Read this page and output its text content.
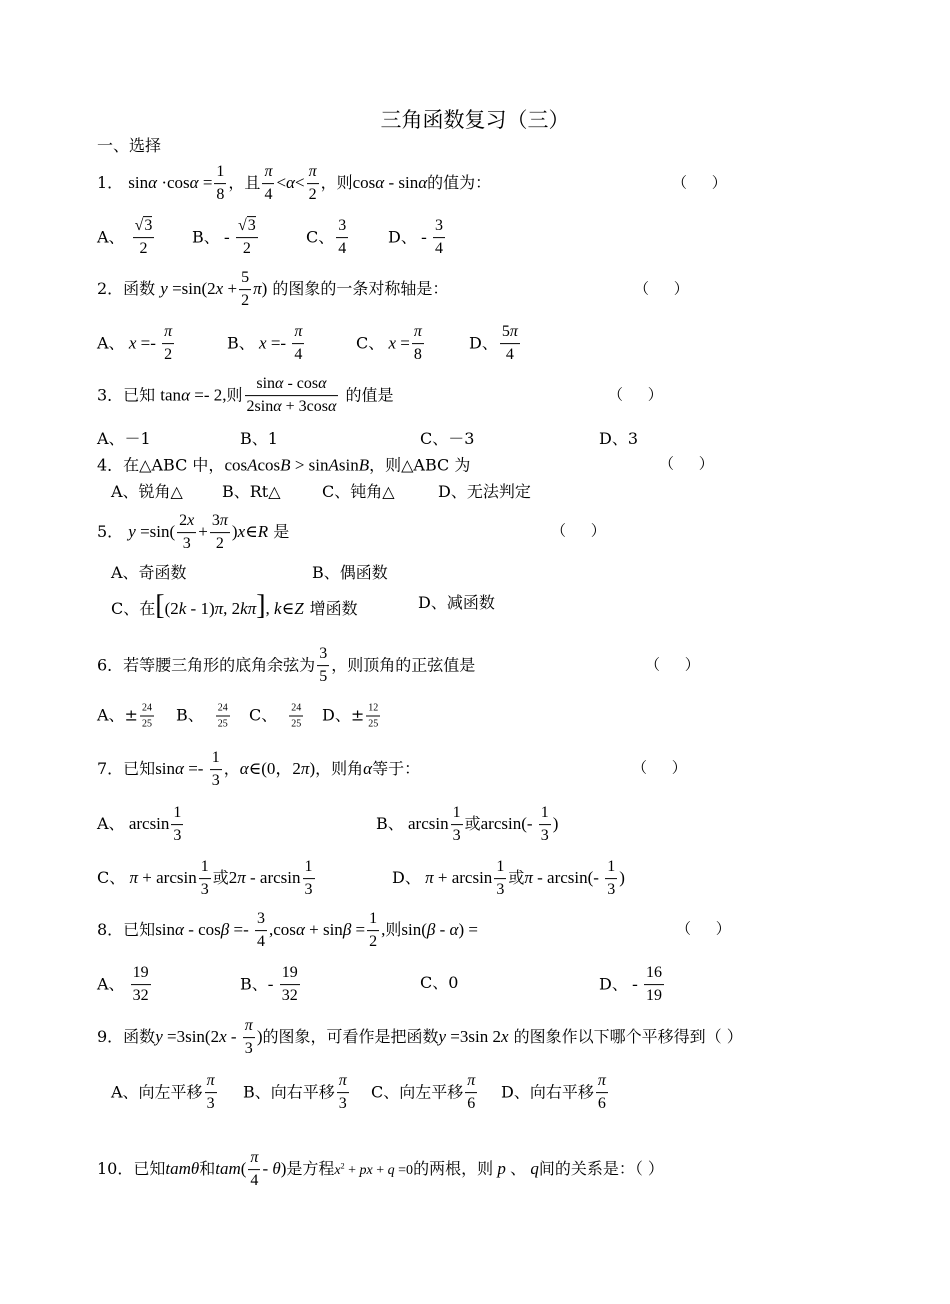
三角函数复习（三）
一、选择
1． $\sin\alpha \cdot\cos\alpha = \frac{1}{8}$ ，且 $\frac{\pi}{4} <\alpha< \frac{\pi}{2}$ ，则cosα - sinα的值为：	（ ）
A、 $\frac{√3}{2}$ B、 - $\frac{√3}{2}$	C、 $\frac{3}{4}$ D、 - $\frac{3}{4}$
2．函数 $y =\sin(2x + \frac{5}{2} \pi)$ 的图象的一条对称轴是：	（ ）
A、 $x =- \frac{\pi}{2}$	B、 $x =- \frac{\pi}{4}$	C、 $x = \frac{\pi}{8}$	D、 $\frac{5\pi}{4}$
3．已知 tanα =- 2,则 $\frac{\sin\alpha - \cos\alpha}{2\sin\alpha + 3\cos\alpha}$ 的值是	（ ）
A、－1	B、1	C、－3	D、3
4．在△ABC 中，cosAcosB > sinAsinB，则△ABC 为	（ ）
A、锐角△ B、Rt△	C、钝角△	D、无法判定
5． $y =\sin( \frac{2x}{3} + \frac{3\pi}{2}$ )x∈R 是	（ ）
A、奇函数	B、偶函数
C、在[(2k - 1)π, 2kπ], k∈Z 增函数	D、减函数
6．若等腰三角形的底角余弦为 $\frac{3}{5}$ ，则顶角的正弦值是	（ ）
A、± $\frac{24}{25}$ B、 $\frac{24}{25}$ C、 $\frac{24}{25}$ D、± $\frac{12}{25}$
7．已知$\sin\alpha =- \frac{1}{3}$ ，α∈(0，2π)，则角α等于：	（ ）
A、 $\arcsin \frac{1}{3}$	B、 $\arcsin \frac{1}{3}$ 或$\arcsin(- \frac{1}{3}$ )
C、 $\pi + \arcsin \frac{1}{3}$ 或$2\pi - \arcsin \frac{1}{3}$	D、 $\pi + \arcsin \frac{1}{3}$ 或π - $\arcsin(- \frac{1}{3}$ )
8．已知$\sin\alpha - \cos\beta =- \frac{3}{4} ,\cos\alpha + \sin\beta = \frac{1}{2}$ ,则sin(β - α) =	（ ）
A、 $\frac{19}{32}$	B、- $\frac{19}{32}$	C、0	D、 - $\frac{16}{19}$
9．函数$y =3\sin(2x - \frac{\pi}{3}$ )的图象，可看作是把函数y =3sin 2x 的图象作以下哪个平移得到（ ）
A、向左平移 $\frac{\pi}{3}$ B、向右平移 $\frac{\pi}{3}$ C、向左平移 $\frac{\pi}{6}$ D、向右平移 $\frac{\pi}{6}$
10．已知tamθ和$tam( \frac{\pi}{4} - \theta)$是方程$x^2$ + px + q =0的两根，则 p 、 q间的关系是：（ ）
